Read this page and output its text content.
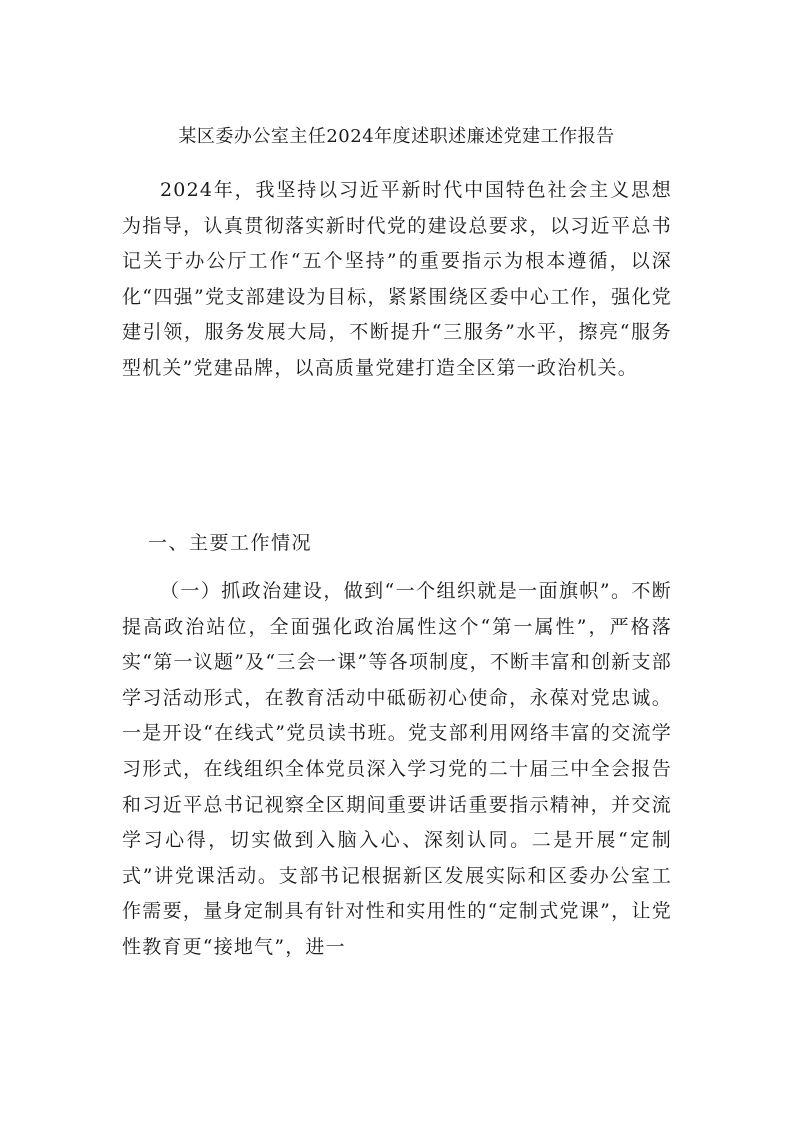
某区委办公室主任2024年度述职述廉述党建工作报告

2024年，我坚持以习近平新时代中国特色社会主义思想为指导，认真贯彻落实新时代党的建设总要求，以习近平总书记关于办公厅工作“五个坚持”的重要指示为根本遵循，以深化“四强”党支部建设为目标，紧紧围绕区委中心工作，强化党建引领，服务发展大局，不断提升“三服务”水平，擦亮“服务型机关”党建品牌，以高质量党建打造全区第一政治机关。

一、主要工作情况

（一）抓政治建设，做到“一个组织就是一面旗帜”。不断提高政治站位，全面强化政治属性这个“第一属性”，严格落实“第一议题”及“三会一课”等各项制度，不断丰富和创新支部学习活动形式，在教育活动中砥砺初心使命，永葆对党忠诚。一是开设“在线式”党员读书班。党支部利用网络丰富的交流学习形式，在线组织全体党员深入学习党的二十届三中全会报告和习近平总书记视察全区期间重要讲话重要指示精神，并交流学习心得，切实做到入脑入心、深刻认同。二是开展“定制式”讲党课活动。支部书记根据新区发展实际和区委办公室工作需要，量身定制具有针对性和实用性的“定制式党课”，让党性教育更“接地气”，进一
